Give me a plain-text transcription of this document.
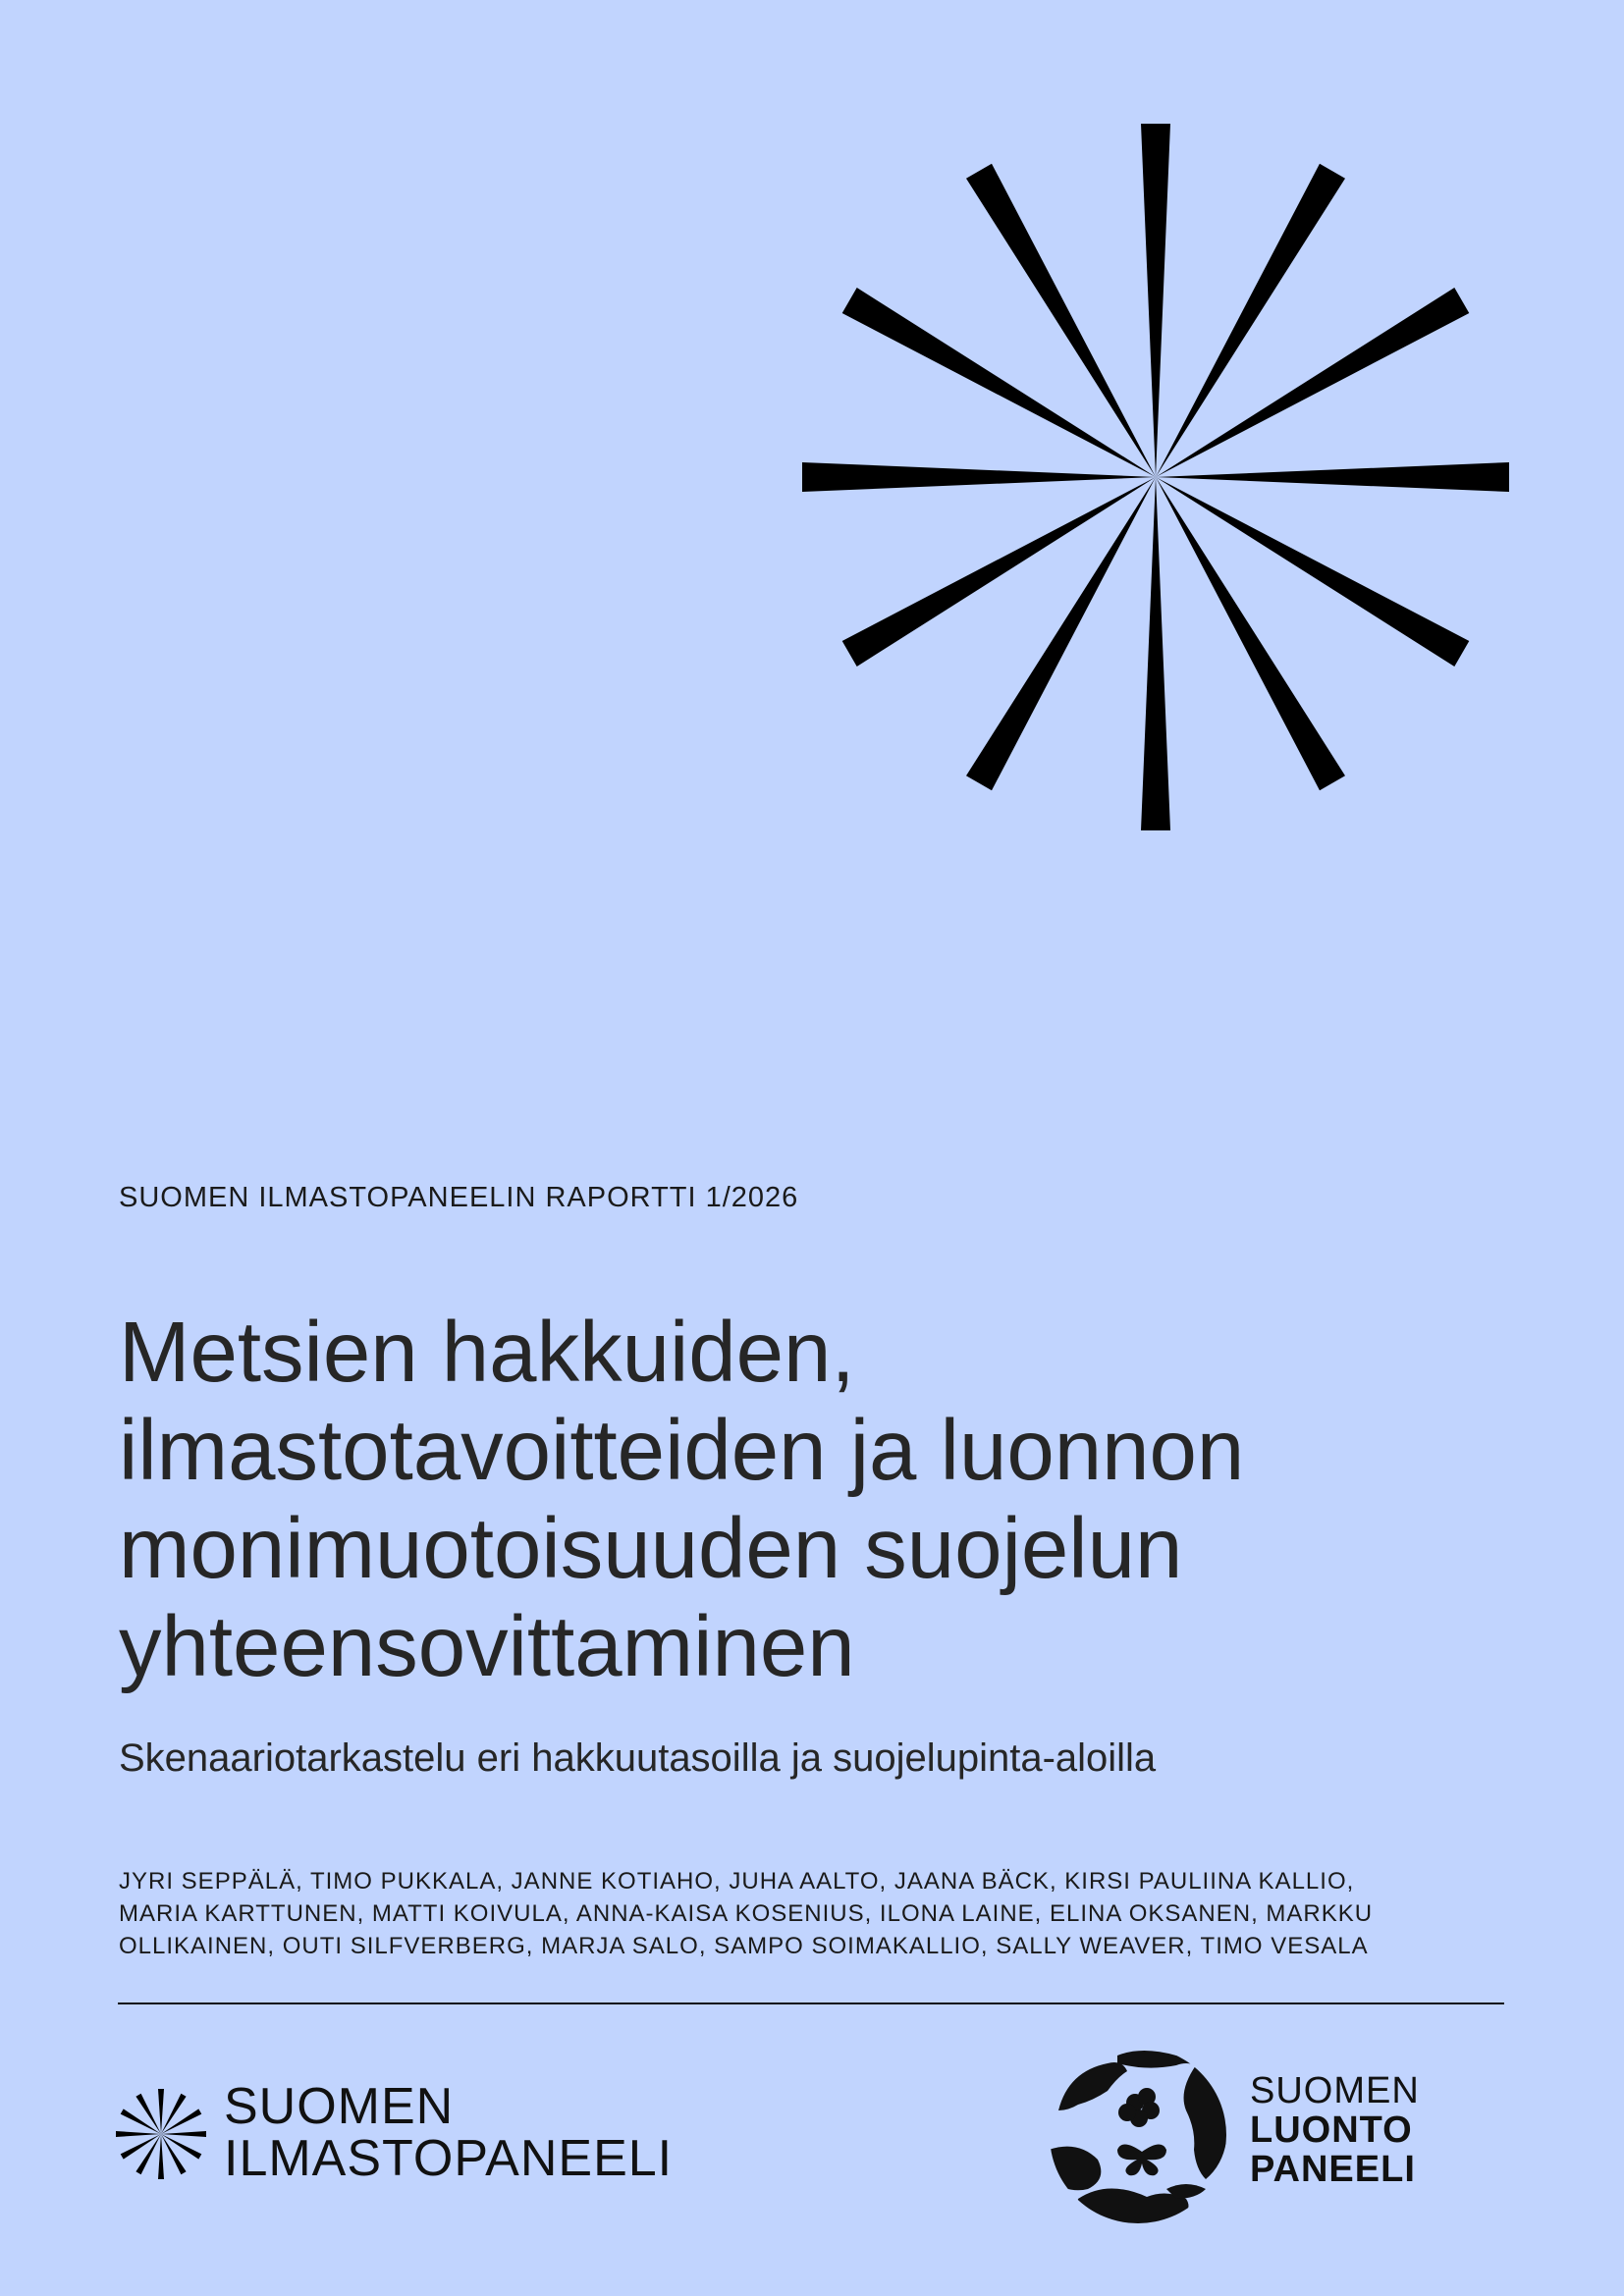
SUOMEN ILMASTOPANEELIN RAPORTTI 1/2026
Metsien hakkuiden,
ilmastotavoitteiden ja luonnon
monimuotoisuuden suojelun
yhteensovittaminen
Skenaariotarkastelu eri hakkuutasoilla ja suojelupinta-aloilla
JYRI SEPPÄLÄ, TIMO PUKKALA, JANNE KOTIAHO, JUHA AALTO, JAANA BÄCK, KIRSI PAULIINA KALLIO,
MARIA KARTTUNEN, MATTI KOIVULA, ANNA-KAISA KOSENIUS, ILONA LAINE, ELINA OKSANEN, MARKKU
OLLIKAINEN, OUTI SILFVERBERG, MARJA SALO, SAMPO SOIMAKALLIO, SALLY WEAVER, TIMO VESALA
SUOMEN
ILMASTOPANEELI
SUOMEN
LUONTO
PANEELI
